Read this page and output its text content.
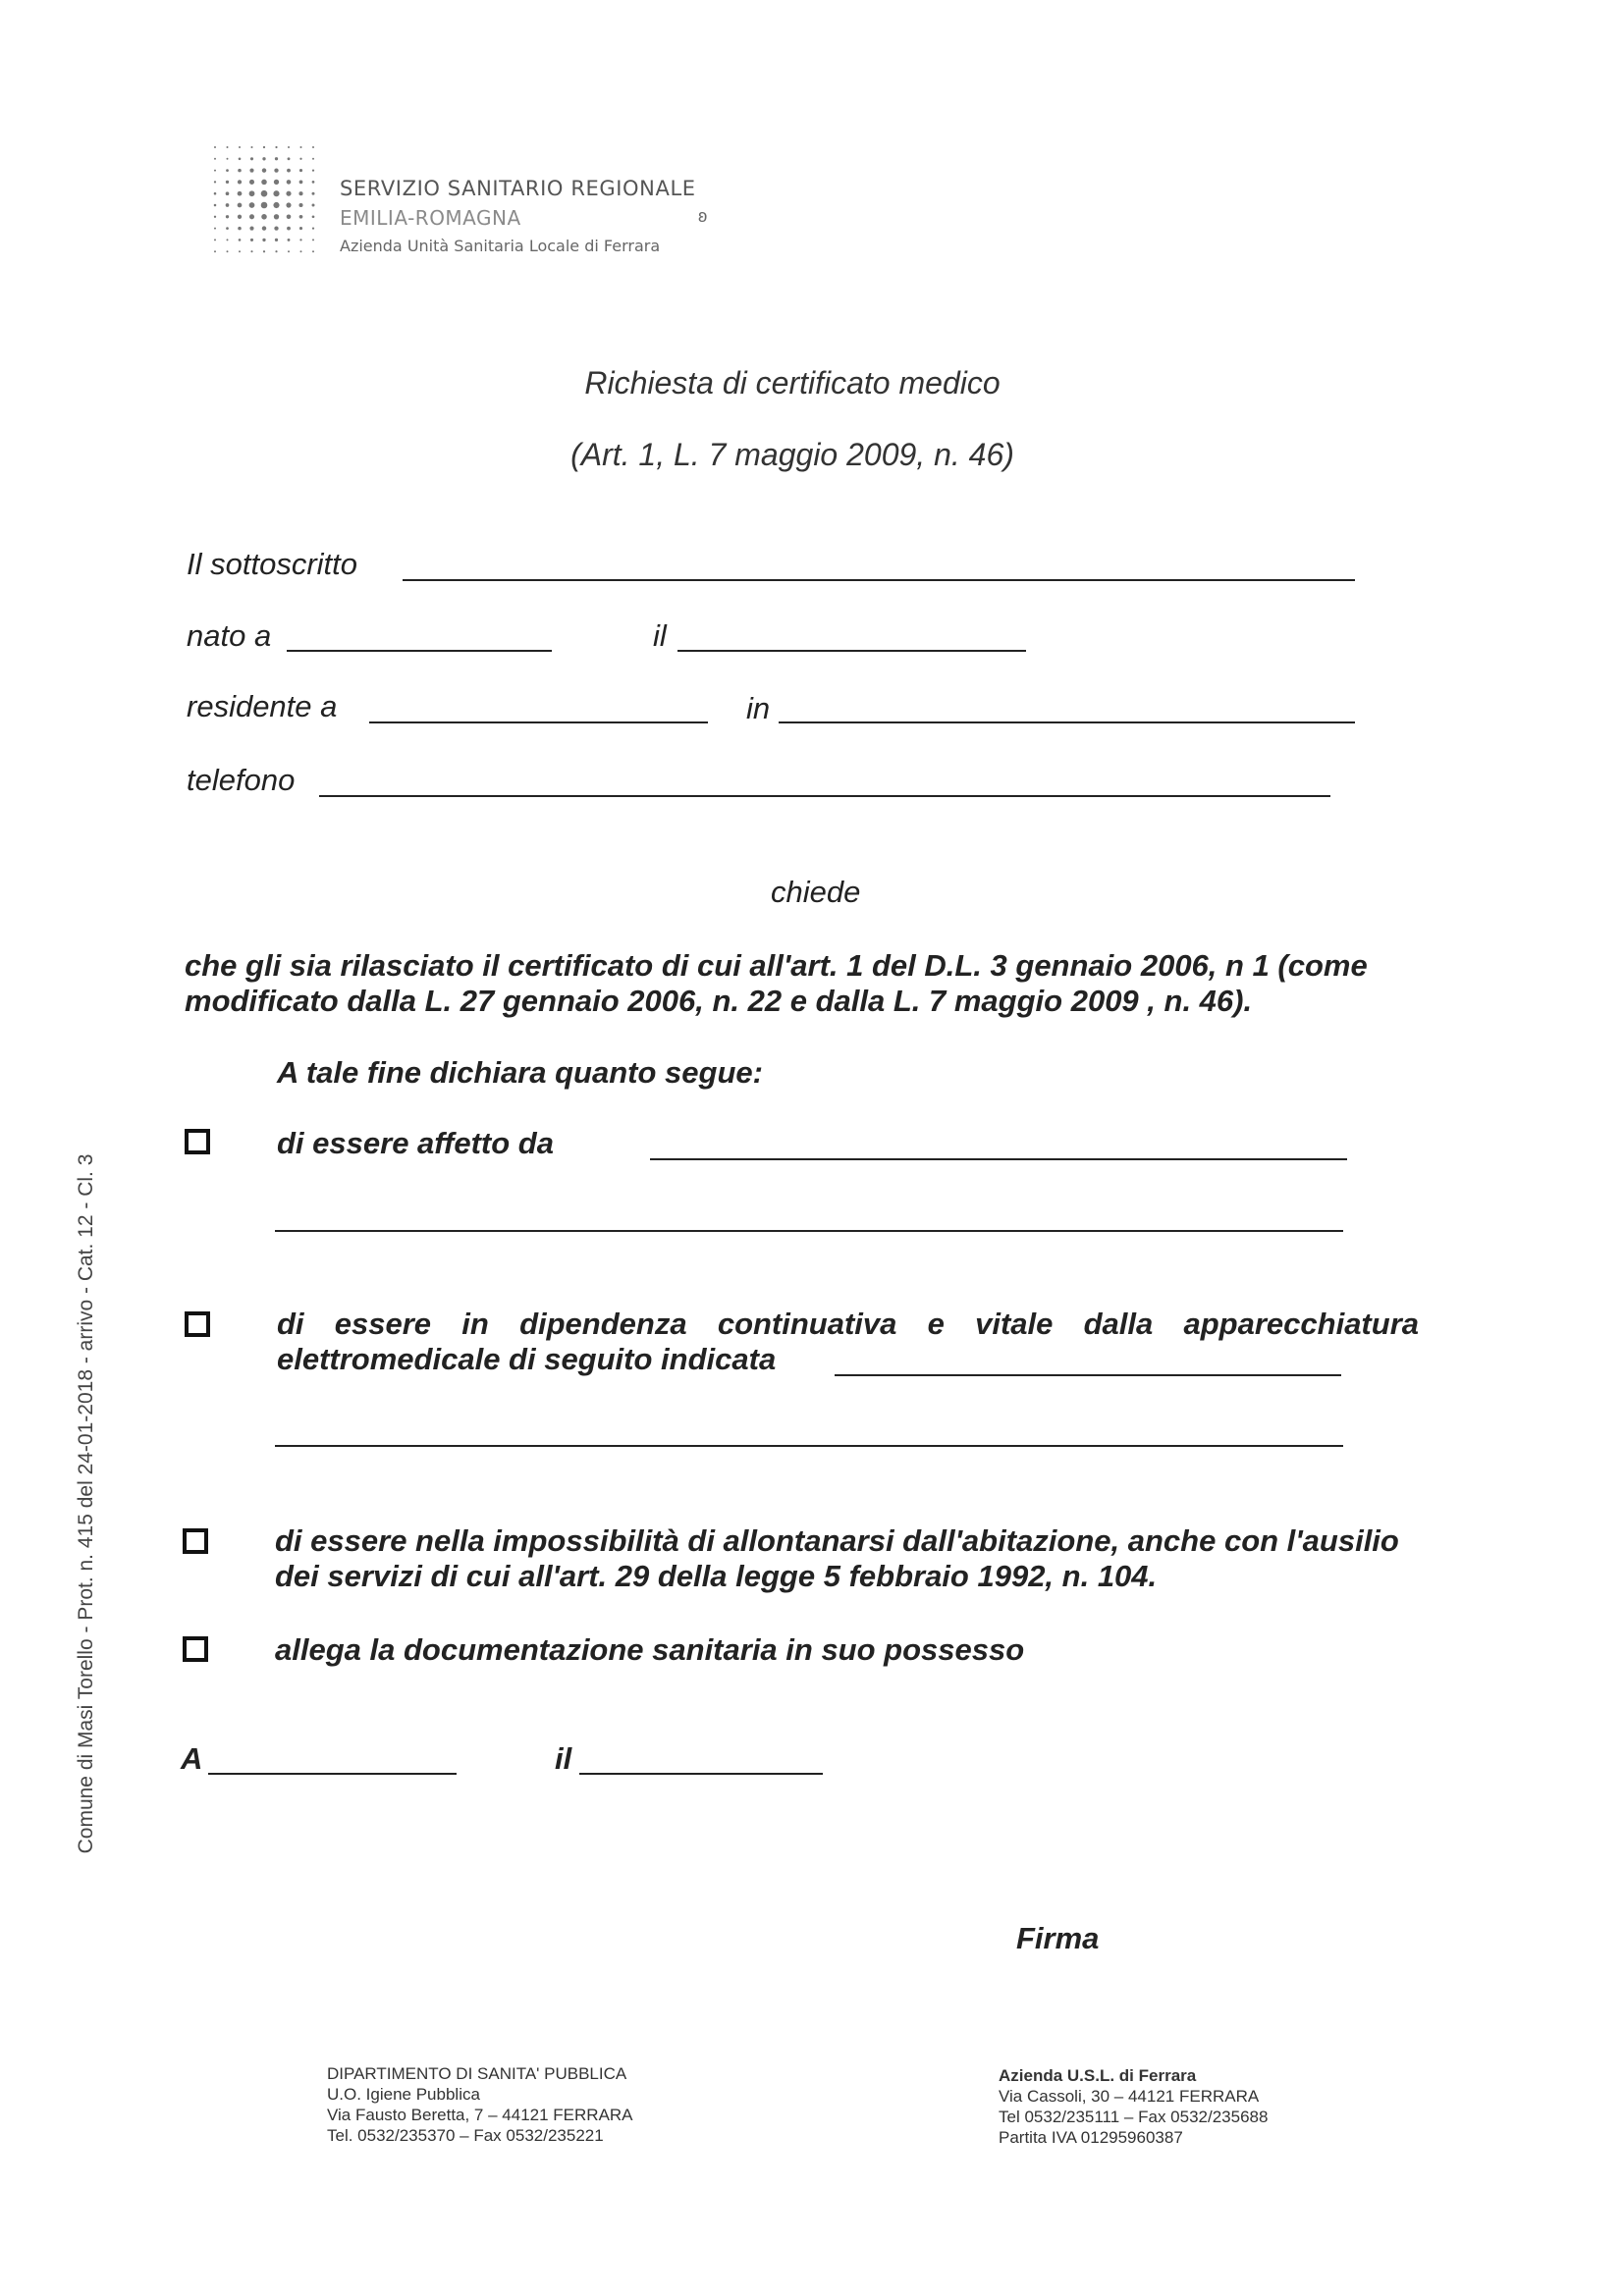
SERVIZIO SANITARIO REGIONALE
EMILIA-ROMAGNA
Azienda Unità Sanitaria Locale di Ferrara
ʚ
Richiesta di certificato medico
(Art. 1, L. 7 maggio 2009, n. 46)
Il sottoscritto
nato a	il
residente a	in
telefono
chiede
che gli sia rilasciato il certificato di cui all'art. 1 del D.L. 3 gennaio 2006, n 1 (come
modificato dalla L. 27 gennaio 2006, n. 22 e dalla L. 7 maggio 2009 , n. 46).
A tale fine dichiara quanto segue:
di essere affetto da
di essere in dipendenza continuativa e vitale dalla apparecchiatura
elettromedicale di seguito indicata
di essere nella impossibilità di allontanarsi dall'abitazione, anche con l'ausilio
dei servizi di cui all'art. 29 della legge 5 febbraio 1992, n. 104.
allega la documentazione sanitaria in suo possesso
A	il
Firma
DIPARTIMENTO DI SANITA' PUBBLICA
U.O. Igiene Pubblica
Via Fausto Beretta, 7 – 44121 FERRARA
Tel. 0532/235370 – Fax 0532/235221
Azienda U.S.L. di Ferrara
Via Cassoli, 30 – 44121 FERRARA
Tel 0532/235111 – Fax 0532/235688
Partita IVA 01295960387
Comune di Masi Torello - Prot. n. 415 del 24-01-2018 - arrivo - Cat. 12 - Cl. 3
